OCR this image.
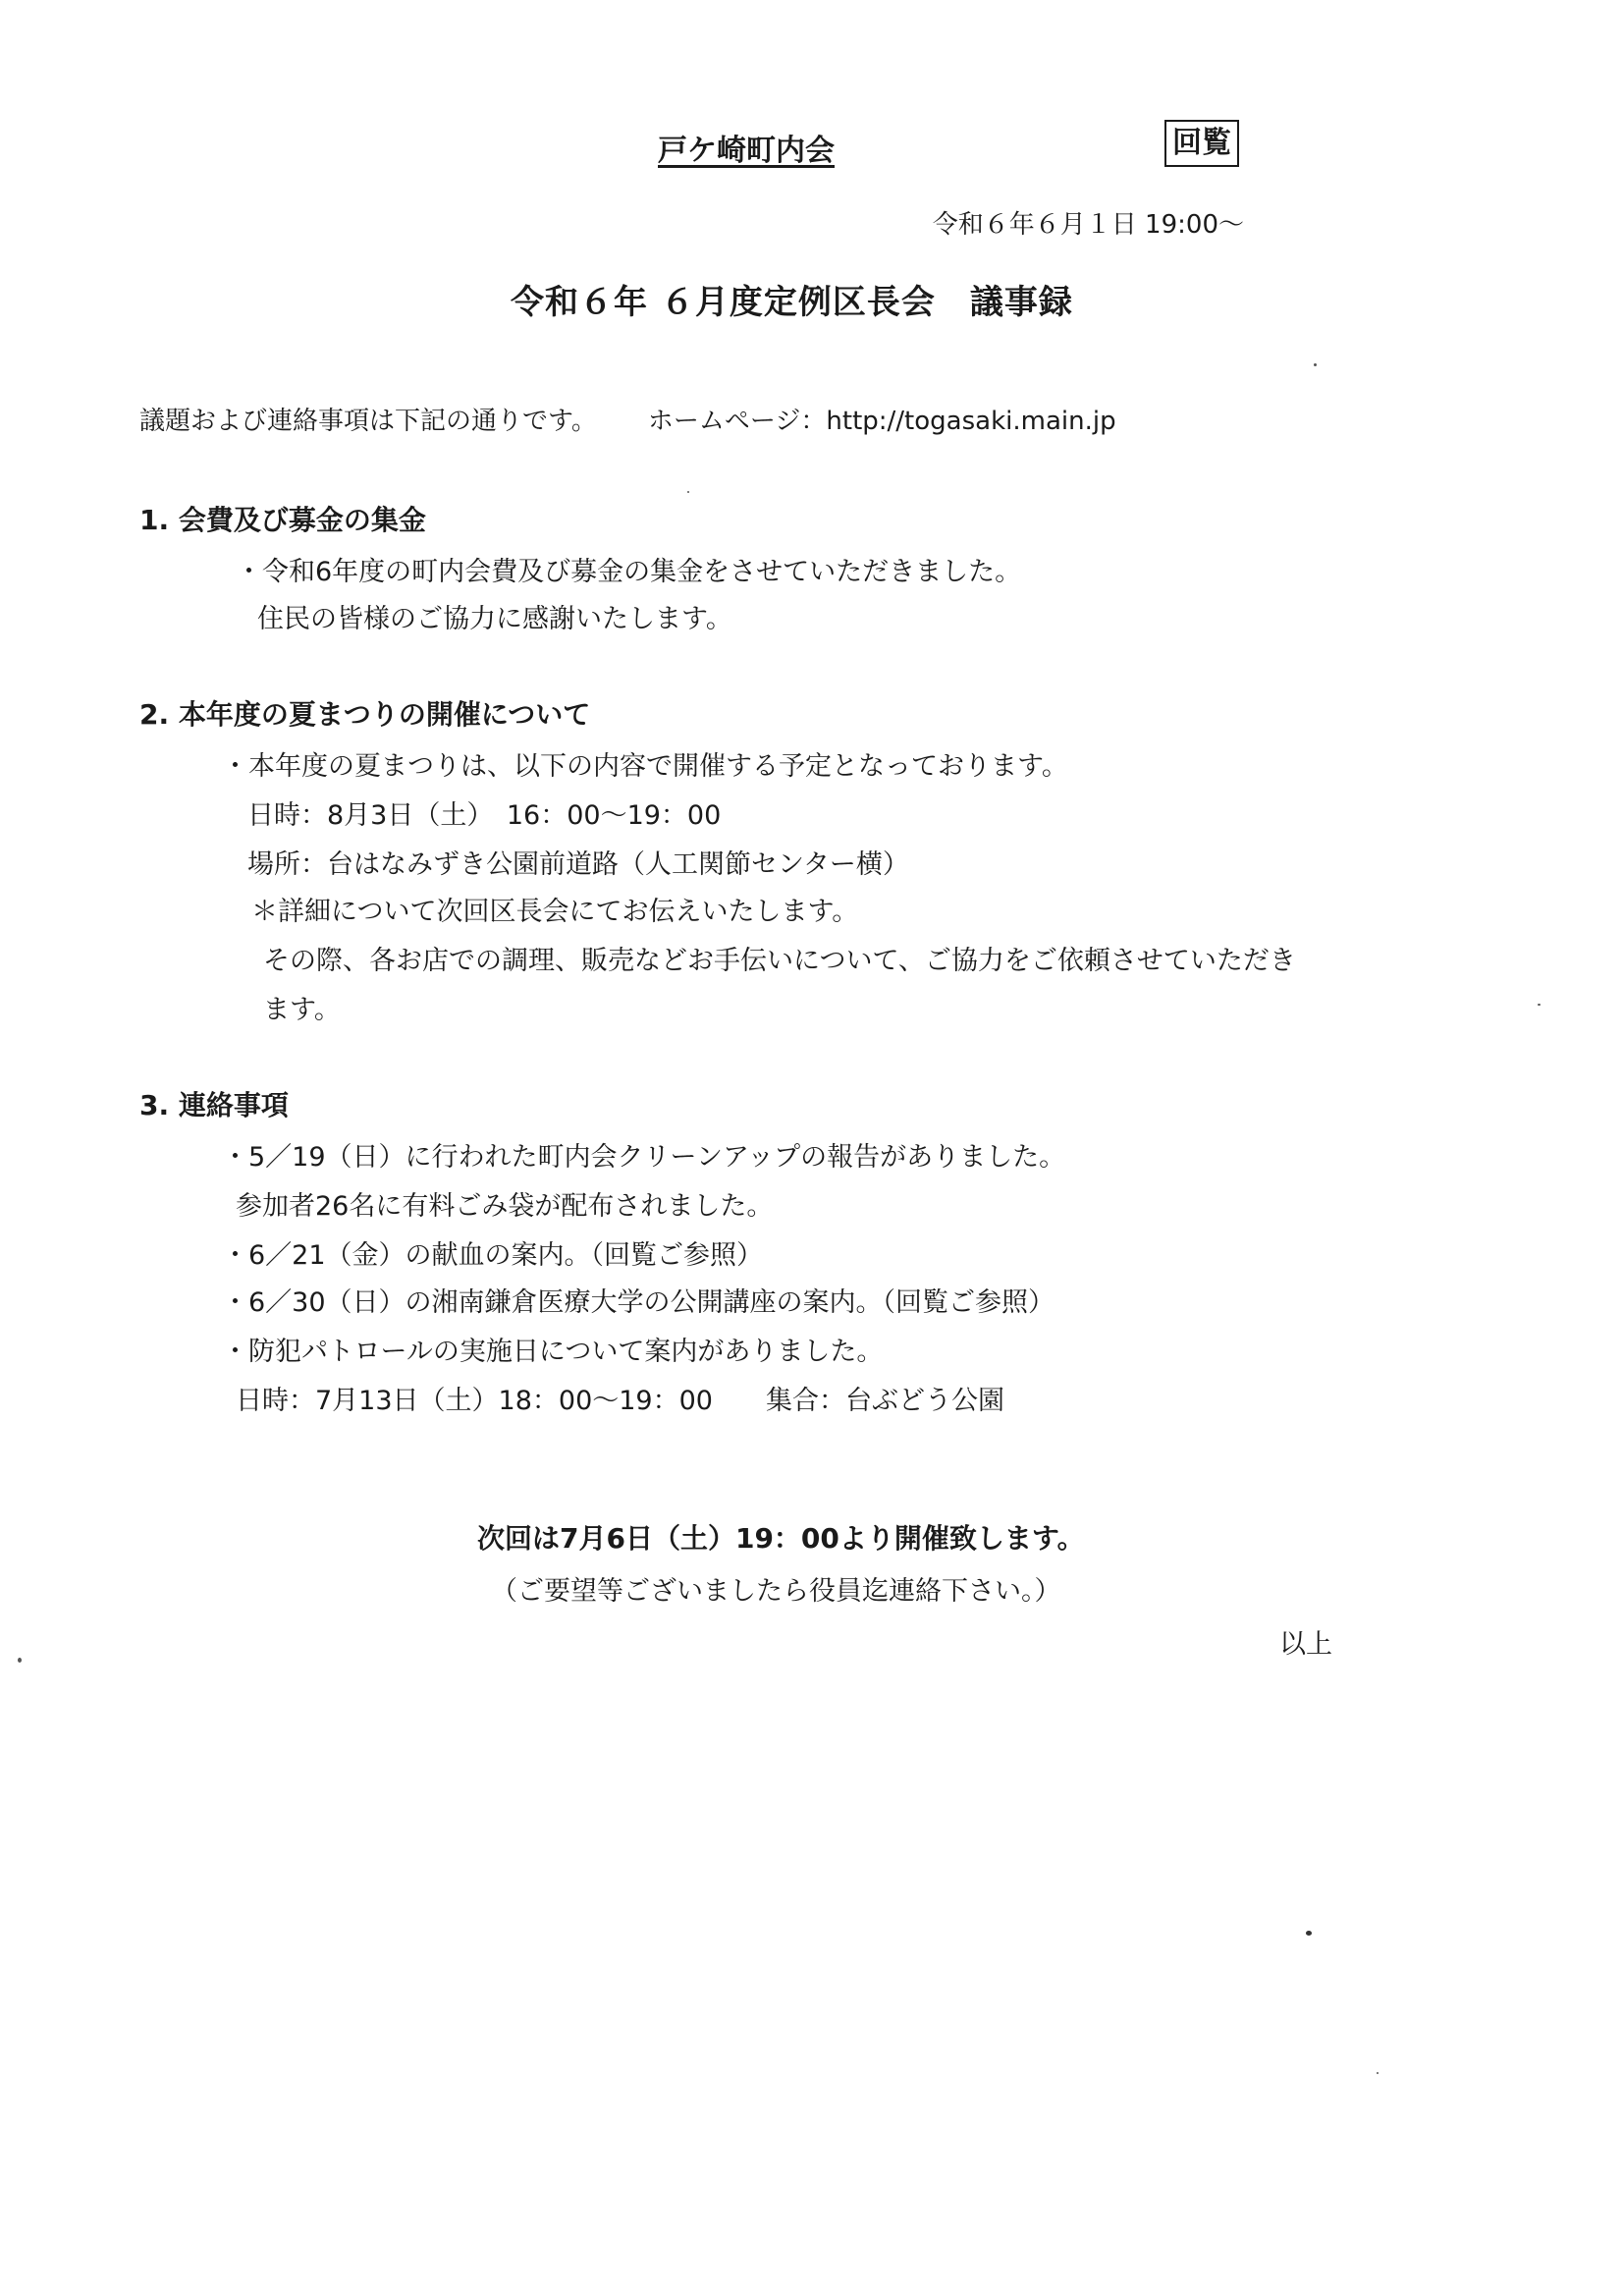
戸ケ崎町内会	回覧
令和６年６月１日 19:00～
令和６年 ６月度定例区長会　議事録
議題および連絡事項は下記の通りです。 ホームページ：http://togasaki.main.jp
1. 会費及び募金の集金
・令和6年度の町内会費及び募金の集金をさせていただきました。
住民の皆様のご協力に感謝いたします。
2. 本年度の夏まつりの開催について
・本年度の夏まつりは、以下の内容で開催する予定となっております。
日時：8月3日（土）　16：00～19：00
場所：台はなみずき公園前道路（人工関節センター横）
＊詳細について次回区長会にてお伝えいたします。
その際、各お店での調理、販売などお手伝いについて、ご協力をご依頼させていただき
ます。
3. 連絡事項
・5／19（日）に行われた町内会クリーンアップの報告がありました。
参加者26名に有料ごみ袋が配布されました。
・6／21（金）の献血の案内。（回覧ご参照）
・6／30（日）の湘南鎌倉医療大学の公開講座の案内。（回覧ご参照）
・防犯パトロールの実施日について案内がありました。
日時：7月13日（土）18：00～19：00　　集合：台ぶどう公園
次回は7月6日（土）19：00より開催致します。
（ご要望等ございましたら役員迄連絡下さい。）
以上
